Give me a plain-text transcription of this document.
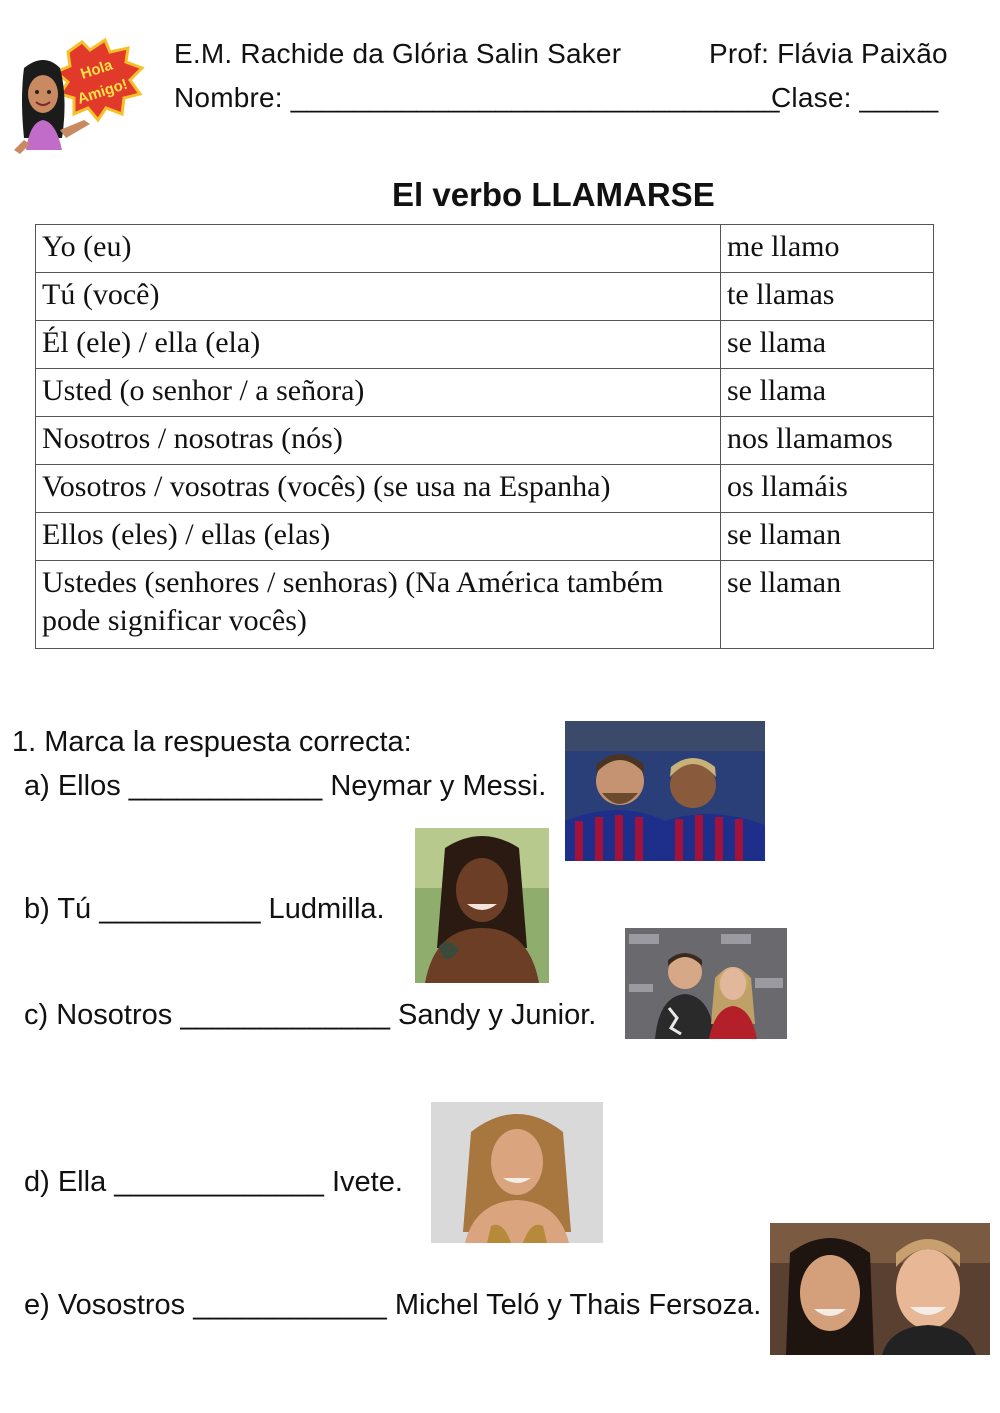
Hola
Amigo!
E.M. Rachide da Glória Salin Saker	Prof: Flávia Paixão
Nombre: _______________________________
Clase: _____
El verbo LLAMARSE
Yo (eu)	me llamo
Tú (você)	te llamas
Él (ele) / ella (ela)	se llama
Usted (o senhor / a señora)	se llama
Nosotros / nosotras (nós)	nos llamamos
Vosotros / vosotras (vocês) (se usa na Espanha)	os llamáis
Ellos (eles) / ellas (elas)	se llaman
Ustedes (senhores / senhoras) (Na América também pode significar vocês)	se llaman
1. Marca la respuesta correcta:
a) Ellos ____________ Neymar y Messi.
b) Tú __________ Ludmilla.
c) Nosotros _____________ Sandy y Junior.
d) Ella _____________ Ivete.
e) Vosostros ____________ Michel Teló y Thais Fersoza.
